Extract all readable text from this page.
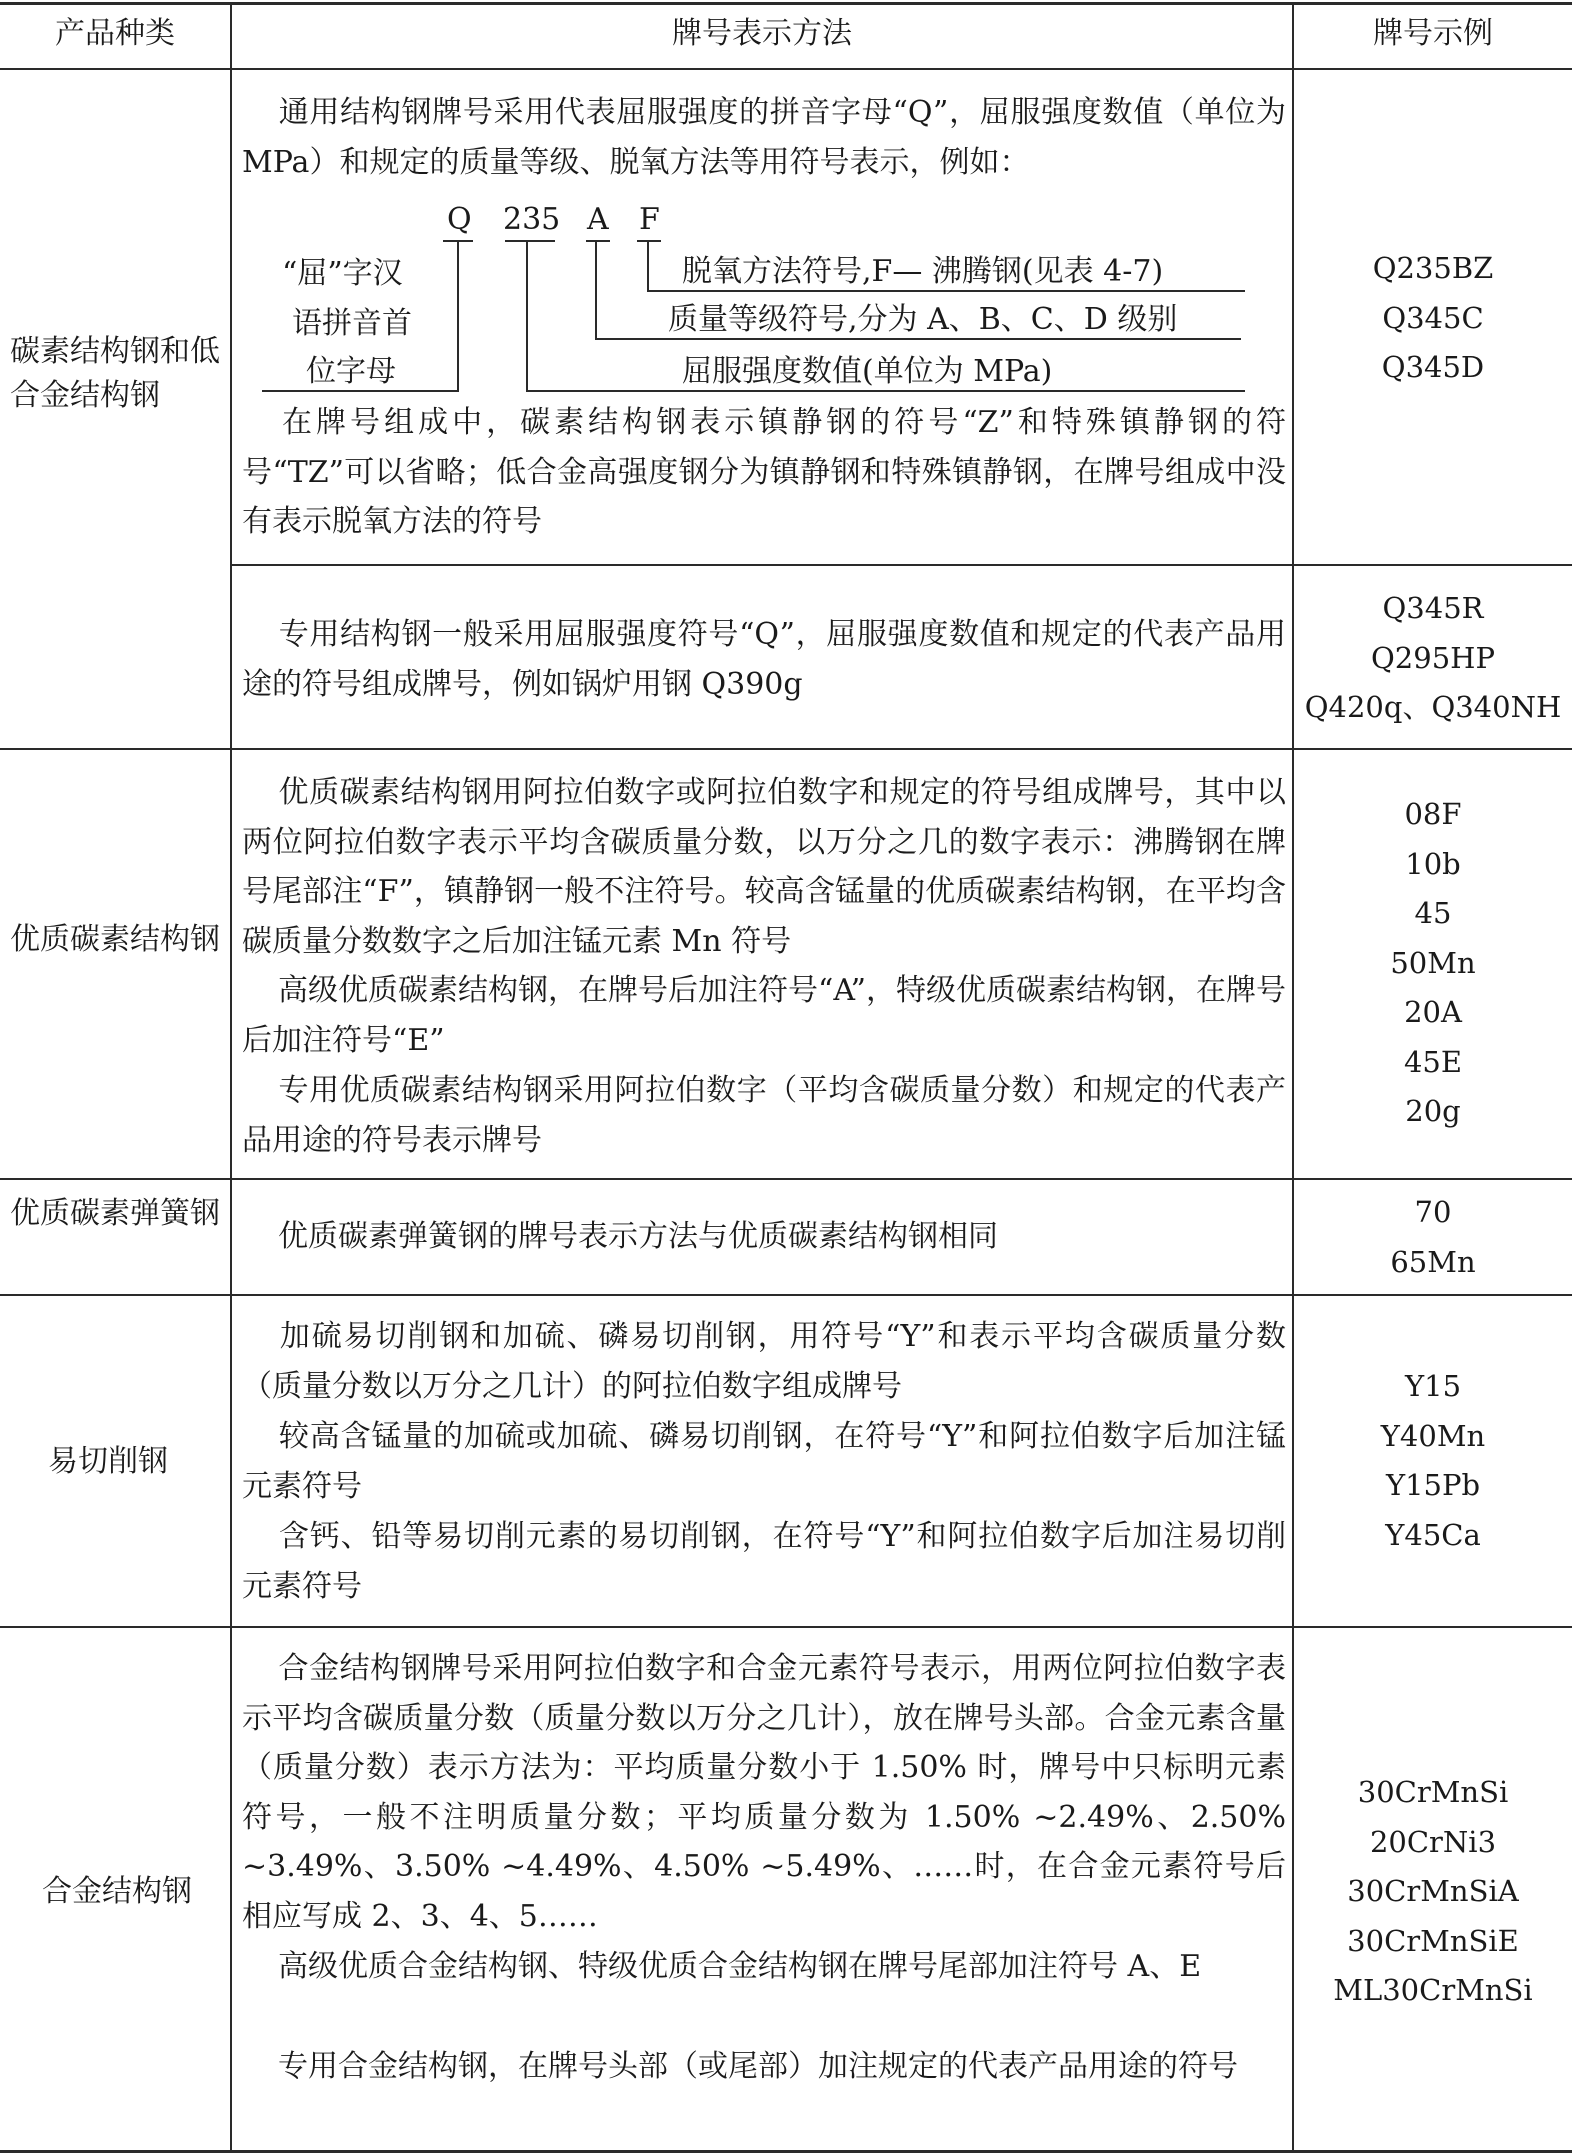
产品种类	牌号表示方法	牌号示例
碳素结构钢和低合金结构钢
通用结构钢牌号采用代表屈服强度的拼音字母“Q”，屈服强度数值（单位为 MPa）和规定的质量等级、脱氧方法等用符号表示，例如：
Q 235 A F
“屈”字汉
语拼音首
位字母
脱氧方法符号,F— 沸腾钢(见表 4-7)
质量等级符号,分为 A、B、C、D 级别
屈服强度数值(单位为 MPa)
在牌号组成中，碳素结构钢表示镇静钢的符号“Z”和特殊镇静钢的符号“TZ”可以省略；低合金高强度钢分为镇静钢和特殊镇静钢，在牌号组成中没有表示脱氧方法的符号
Q235BZ
Q345C
Q345D
专用结构钢一般采用屈服强度符号“Q”，屈服强度数值和规定的代表产品用途的符号组成牌号，例如锅炉用钢 Q390g
Q345R
Q295HP
Q420q、Q340NH
优质碳素结构钢
优质碳素结构钢用阿拉伯数字或阿拉伯数字和规定的符号组成牌号，其中以两位阿拉伯数字表示平均含碳质量分数，以万分之几的数字表示：沸腾钢在牌号尾部注“F”，镇静钢一般不注符号。较高含锰量的优质碳素结构钢，在平均含碳质量分数数字之后加注锰元素 Mn 符号
高级优质碳素结构钢，在牌号后加注符号“A”，特级优质碳素结构钢，在牌号后加注符号“E”
专用优质碳素结构钢采用阿拉伯数字（平均含碳质量分数）和规定的代表产品用途的符号表示牌号
08F
10b
45
50Mn
20A
45E
20g
优质碳素弹簧钢
优质碳素弹簧钢的牌号表示方法与优质碳素结构钢相同
70
65Mn
易切削钢
加硫易切削钢和加硫、磷易切削钢，用符号“Y”和表示平均含碳质量分数（质量分数以万分之几计）的阿拉伯数字组成牌号
较高含锰量的加硫或加硫、磷易切削钢，在符号“Y”和阿拉伯数字后加注锰元素符号
含钙、铅等易切削元素的易切削钢，在符号“Y”和阿拉伯数字后加注易切削元素符号
Y15
Y40Mn
Y15Pb
Y45Ca
合金结构钢
合金结构钢牌号采用阿拉伯数字和合金元素符号表示，用两位阿拉伯数字表示平均含碳质量分数（质量分数以万分之几计），放在牌号头部。合金元素含量（质量分数）表示方法为：平均质量分数小于 1.50% 时，牌号中只标明元素符号，一般不注明质量分数；平均质量分数为 1.50% ~2.49%、2.50% ~3.49%、3.50% ~4.49%、4.50% ~5.49%、……时，在合金元素符号后相应写成 2、3、4、5……
高级优质合金结构钢、特级优质合金结构钢在牌号尾部加注符号 A、E
专用合金结构钢，在牌号头部（或尾部）加注规定的代表产品用途的符号
30CrMnSi
20CrNi3
30CrMnSiA
30CrMnSiE
ML30CrMnSi
